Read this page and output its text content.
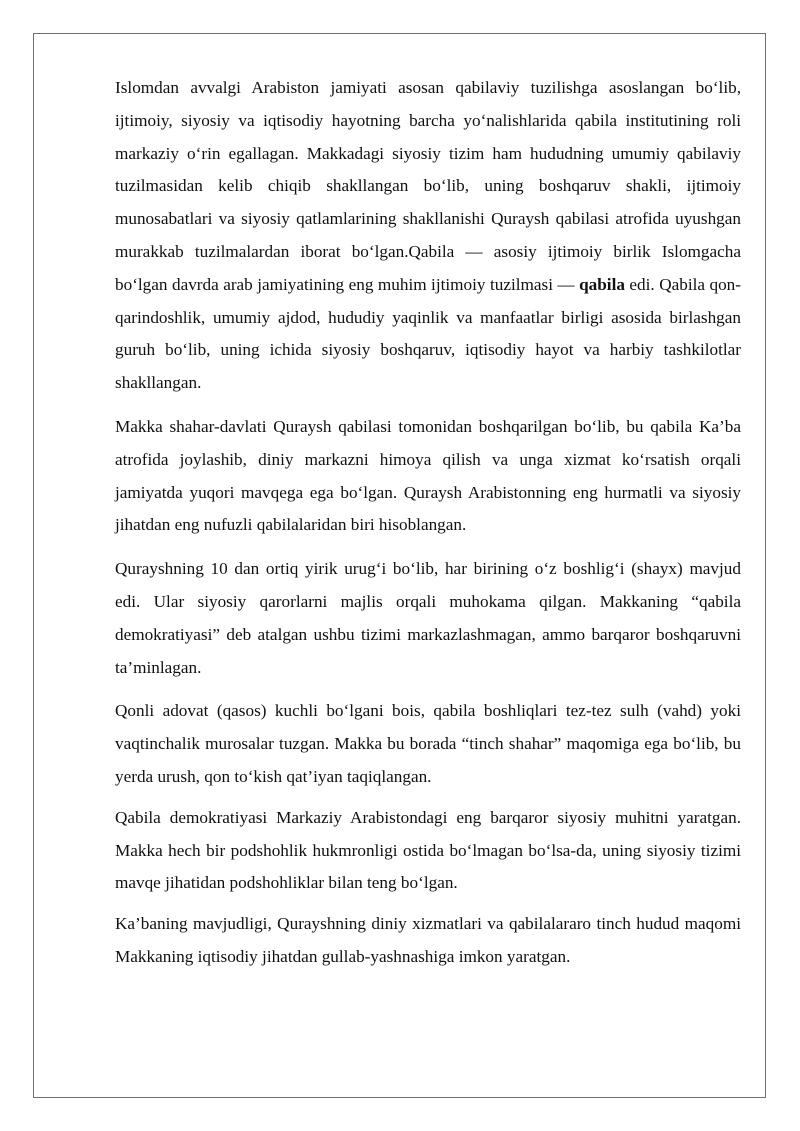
Islomdan avvalgi Arabiston jamiyati asosan qabilaviy tuzilishga asoslangan bo‘lib, ijtimoiy, siyosiy va iqtisodiy hayotning barcha yo‘nalishlarida qabila institutining roli markaziy o‘rin egallagan. Makkadagi siyosiy tizim ham hududning umumiy qabilaviy tuzilmasidan kelib chiqib shakllangan bo‘lib, uning boshqaruv shakli, ijtimoiy munosabatlari va siyosiy qatlamlarining shakllanishi Quraysh qabilasi atrofida uyushgan murakkab tuzilmalardan iborat bo‘lgan.Qabila — asosiy ijtimoiy birlik Islomgacha bo‘lgan davrda arab jamiyatining eng muhim ijtimoiy tuzilmasi — qabila edi. Qabila qon-qarindoshlik, umumiy ajdod, hududiy yaqinlik va manfaatlar birligi asosida birlashgan guruh bo‘lib, uning ichida siyosiy boshqaruv, iqtisodiy hayot va harbiy tashkilotlar shakllangan.

Makka shahar-davlati Quraysh qabilasi tomonidan boshqarilgan bo‘lib, bu qabila Ka’ba atrofida joylashib, diniy markazni himoya qilish va unga xizmat ko‘rsatish orqali jamiyatda yuqori mavqega ega bo‘lgan. Quraysh Arabistonning eng hurmatli va siyosiy jihatdan eng nufuzli qabilalaridan biri hisoblangan.

Qurayshning 10 dan ortiq yirik urug‘i bo‘lib, har birining o‘z boshlig‘i (shayx) mavjud edi. Ular siyosiy qarorlarni majlis orqali muhokama qilgan. Makkaning “qabila demokratiyasi” deb atalgan ushbu tizimi markazlashmagan, ammo barqaror boshqaruvni ta’minlagan.

Qonli adovat (qasos) kuchli bo‘lgani bois, qabila boshliqlari tez-tez sulh (vahd) yoki vaqtinchalik murosalar tuzgan. Makka bu borada “tinch shahar” maqomiga ega bo‘lib, bu yerda urush, qon to‘kish qat’iyan taqiqlangan.

Qabila demokratiyasi Markaziy Arabistondagi eng barqaror siyosiy muhitni yaratgan. Makka hech bir podshohlik hukmronligi ostida bo‘lmagan bo‘lsa-da, uning siyosiy tizimi mavqe jihatidan podshohliklar bilan teng bo‘lgan.

Ka’baning mavjudligi, Qurayshning diniy xizmatlari va qabilalararo tinch hudud maqomi Makkaning iqtisodiy jihatdan gullab-yashnashiga imkon yaratgan.
